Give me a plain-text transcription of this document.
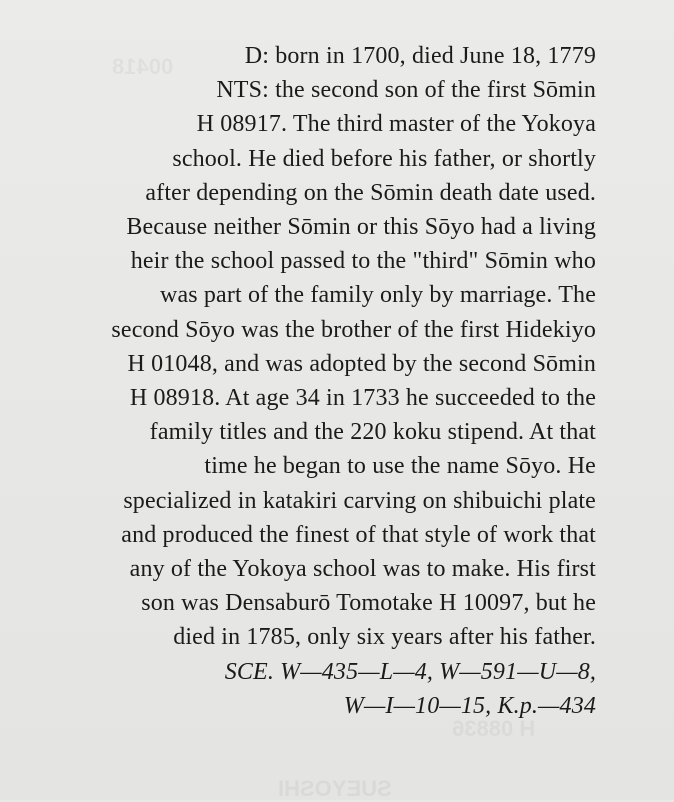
D: born in 1700, died June 18, 1779
NTS: the second son of the first Sōmin
H 08917. The third master of the Yokoya
school. He died before his father, or shortly
after depending on the Sōmin death date used.
Because neither Sōmin or this Sōyo had a living
heir the school passed to the "third" Sōmin who
was part of the family only by marriage. The
second Sōyo was the brother of the first Hidekiyo
H 01048, and was adopted by the second Sōmin
H 08918. At age 34 in 1733 he succeeded to the
family titles and the 220 koku stipend. At that
time he began to use the name Sōyo. He
specialized in katakiri carving on shibuichi plate
and produced the finest of that style of work that
any of the Yokoya school was to make. His first
son was Densaburō Tomotake H 10097, but he
died in 1785, only six years after his father.
SCE. W—435—L—4, W—591—U—8,
W—I—10—15, K.p.—434
